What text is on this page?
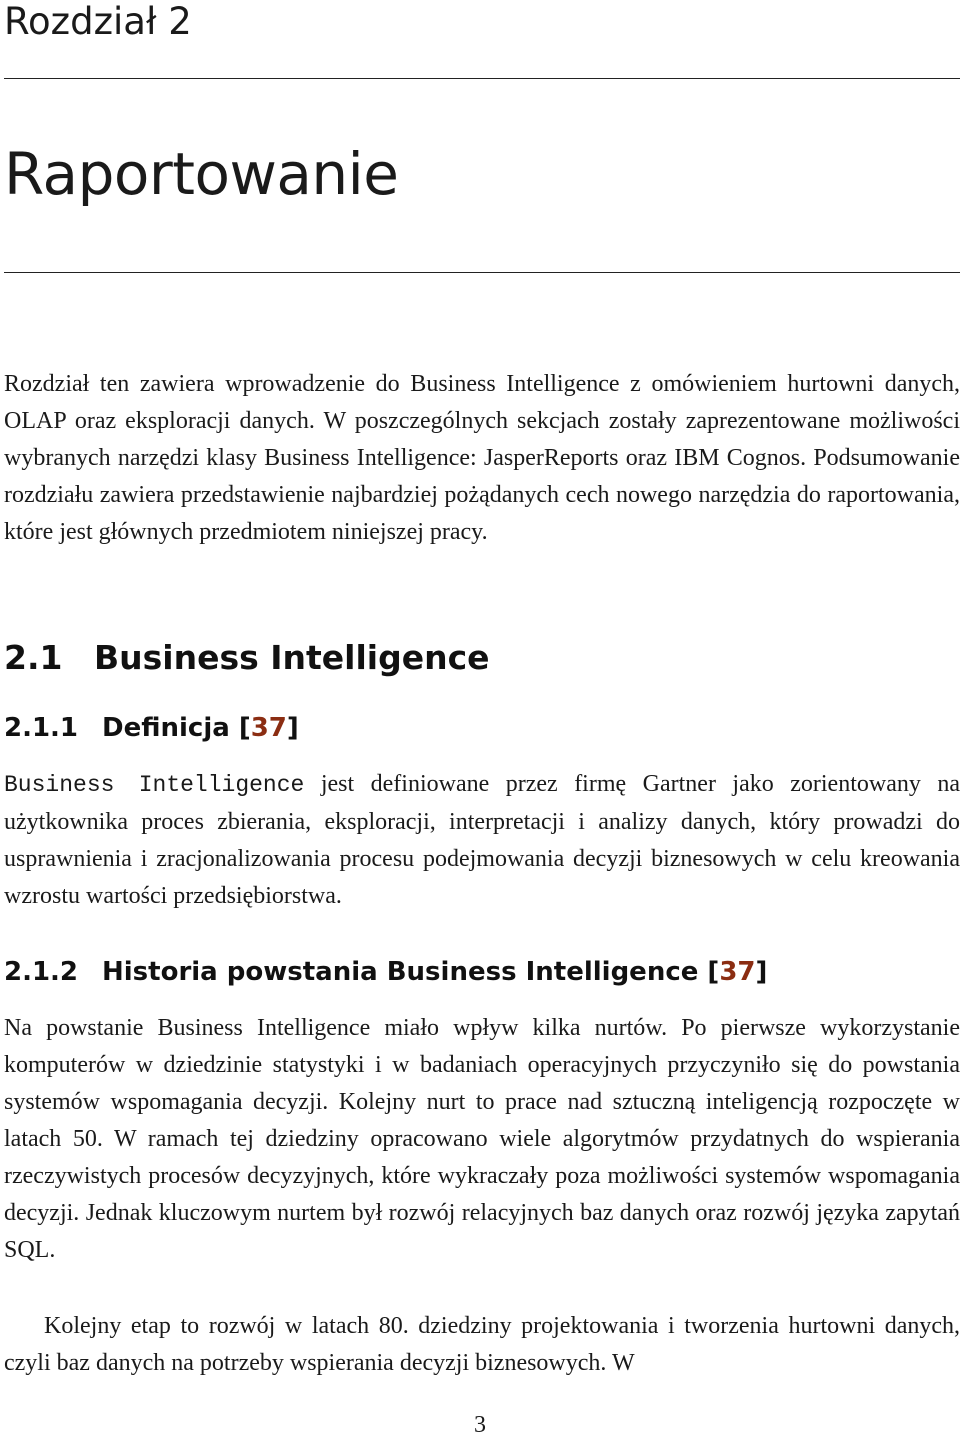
Rozdział 2
Raportowanie

Rozdział ten zawiera wprowadzenie do Business Intelligence z omówieniem hurtowni danych, OLAP oraz eksploracji danych. W poszczególnych sekcjach zostały zaprezentowane możliwości wybranych narzędzi klasy Business Intelligence: JasperReports oraz IBM Cognos. Podsumowanie rozdziału zawiera przedstawienie najbardziej pożądanych cech nowego narzędzia do raportowania, które jest głównych przedmiotem niniejszej pracy.

2.1 Business Intelligence
2.1.1 Definicja [37]

Business Intelligence jest definiowane przez firmę Gartner jako zorientowany na użytkownika proces zbierania, eksploracji, interpretacji i analizy danych, który prowadzi do usprawnienia i zracjonalizowania procesu podejmowania decyzji biznesowych w celu kreowania wzrostu wartości przedsiębiorstwa.

2.1.2 Historia powstania Business Intelligence [37]

Na powstanie Business Intelligence miało wpływ kilka nurtów. Po pierwsze wykorzystanie komputerów w dziedzinie statystyki i w badaniach operacyjnych przyczyniło się do powstania systemów wspomagania decyzji. Kolejny nurt to prace nad sztuczną inteligencją rozpoczęte w latach 50. W ramach tej dziedziny opracowano wiele algorytmów przydatnych do wspierania rzeczywistych procesów decyzyjnych, które wykraczały poza możliwości systemów wspomagania decyzji. Jednak kluczowym nurtem był rozwój relacyjnych baz danych oraz rozwój języka zapytań SQL.

Kolejny etap to rozwój w latach 80. dziedziny projektowania i tworzenia hurtowni danych, czyli baz danych na potrzeby wspierania decyzji biznesowych. W

3
